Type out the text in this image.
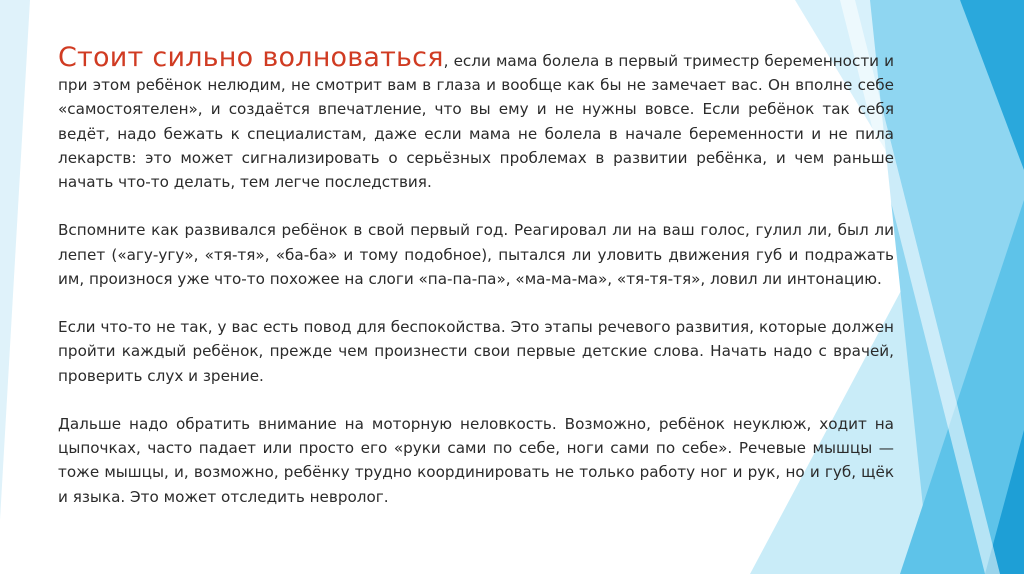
Стоит сильно волноваться, если мама болела в первый триместр беременности и при этом ребёнок нелюдим, не смотрит вам в глаза и вообще как бы не замечает вас. Он вполне себе «самостоятелен», и создаётся впечатление, что вы ему и не нужны вовсе. Если ребёнок так себя ведёт, надо бежать к специалистам, даже если мама не болела в начале беременности и не пила лекарств: это может сигнализировать о серьёзных проблемах в развитии ребёнка, и чем раньше начать что-то делать, тем легче последствия.

Вспомните как развивался ребёнок в свой первый год. Реагировал ли на ваш голос, гулил ли, был ли лепет («агу-угу», «тя-тя», «ба-ба» и тому подобное), пытался ли уловить движения губ и подражать им, произнося уже что-то похожее на слоги «па-па-па», «ма-ма-ма», «тя-тя-тя», ловил ли интонацию.

Если что-то не так, у вас есть повод для беспокойства. Это этапы речевого развития, которые должен пройти каждый ребёнок, прежде чем произнести свои первые детские слова. Начать надо с врачей, проверить слух и зрение.

Дальше надо обратить внимание на моторную неловкость. Возможно, ребёнок неуклюж, ходит на цыпочках, часто падает или просто его «руки сами по себе, ноги сами по себе». Речевые мышцы — тоже мышцы, и, возможно, ребёнку трудно координировать не только работу ног и рук, но и губ, щёк и языка. Это может отследить невролог.
